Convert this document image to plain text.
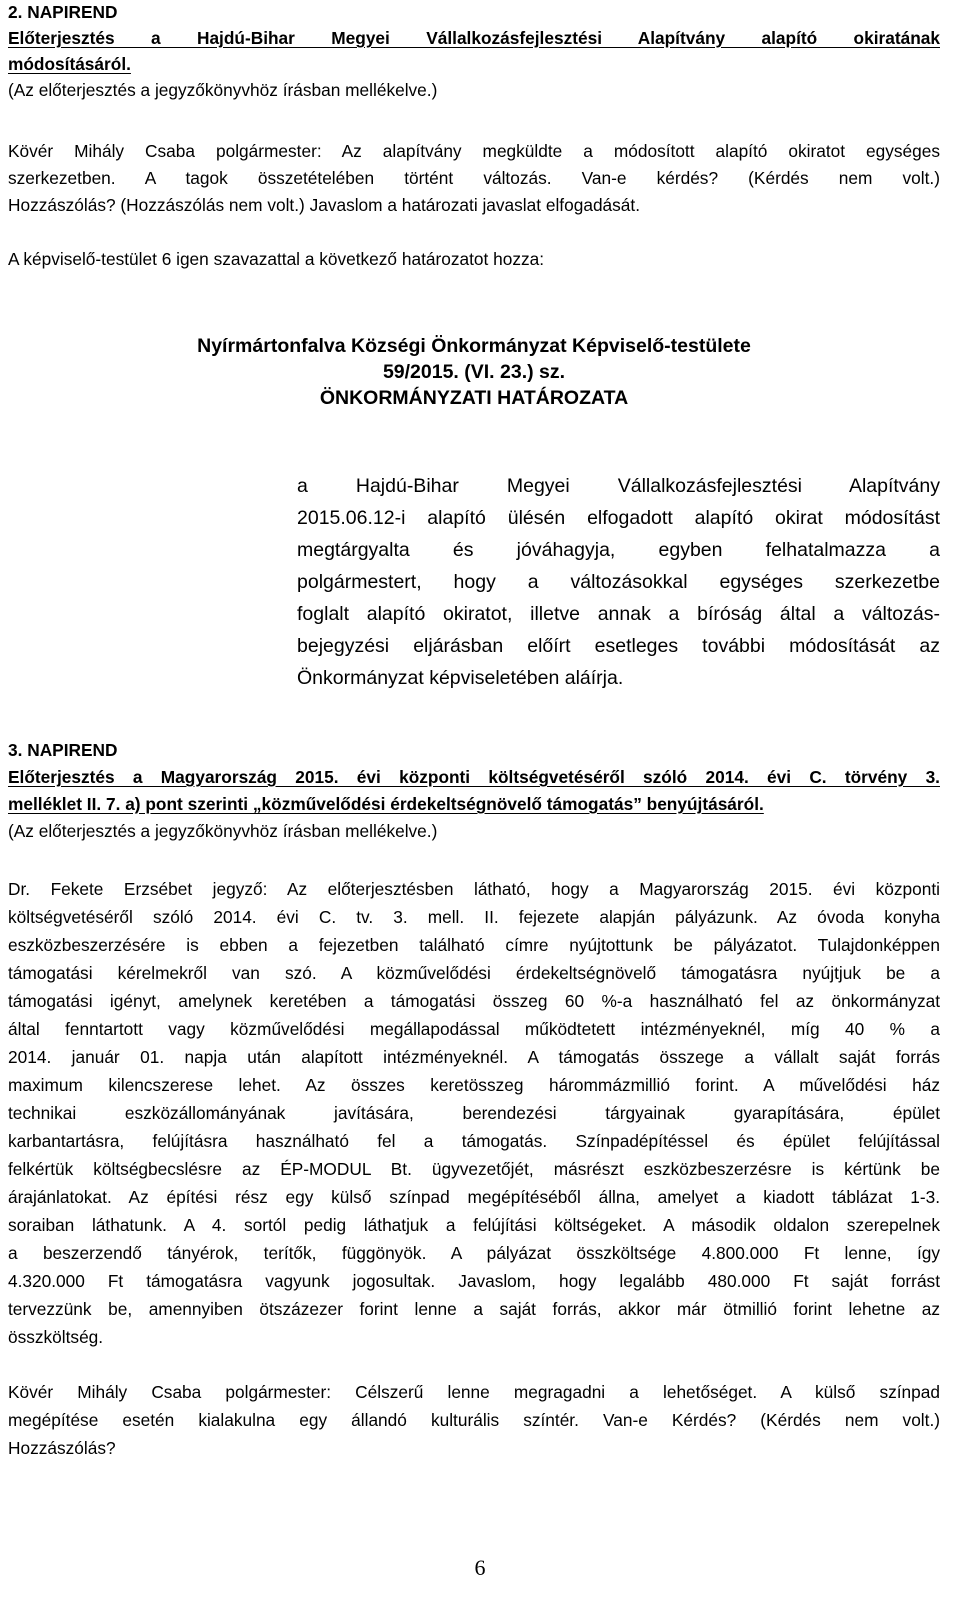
2. NAPIREND
Előterjesztés a Hajdú-Bihar Megyei Vállalkozásfejlesztési Alapítvány alapító okiratának
módosításáról.
(Az előterjesztés a jegyzőkönyvhöz írásban mellékelve.)
Kövér Mihály Csaba polgármester: Az alapítvány megküldte a módosított alapító okiratot egységes
szerkezetben. A tagok összetételében történt változás. Van-e kérdés? (Kérdés nem volt.)
Hozzászólás? (Hozzászólás nem volt.) Javaslom a határozati javaslat elfogadását.
A képviselő-testület 6 igen szavazattal a következő határozatot hozza:
Nyírmártonfalva Községi Önkormányzat Képviselő-testülete
59/2015. (VI. 23.) sz.
ÖNKORMÁNYZATI HATÁROZATA
a Hajdú-Bihar Megyei Vállalkozásfejlesztési Alapítvány
2015.06.12-i alapító ülésén elfogadott alapító okirat módosítást
megtárgyalta és jóváhagyja, egyben felhatalmazza a
polgármestert, hogy a változásokkal egységes szerkezetbe
foglalt alapító okiratot, illetve annak a bíróság által a változás-
bejegyzési eljárásban előírt esetleges további módosítását az
Önkormányzat képviseletében aláírja.
3. NAPIREND
Előterjesztés a Magyarország 2015. évi központi költségvetéséről szóló 2014. évi C. törvény 3.
melléklet II. 7. a) pont szerinti „közművelődési érdekeltségnövelő támogatás” benyújtásáról.
(Az előterjesztés a jegyzőkönyvhöz írásban mellékelve.)
Dr. Fekete Erzsébet jegyző: Az előterjesztésben látható, hogy a Magyarország 2015. évi központi
költségvetéséről szóló 2014. évi C. tv. 3. mell. II. fejezete alapján pályázunk. Az óvoda konyha
eszközbeszerzésére is ebben a fejezetben található címre nyújtottunk be pályázatot. Tulajdonképpen
támogatási kérelmekről van szó. A közművelődési érdekeltségnövelő támogatásra nyújtjuk be a
támogatási igényt, amelynek keretében a támogatási összeg 60 %-a használható fel az önkormányzat
által fenntartott vagy közművelődési megállapodással működtetett intézményeknél, míg 40 % a
2014. január 01. napja után alapított intézményeknél. A támogatás összege a vállalt saját forrás
maximum kilencszerese lehet. Az összes keretösszeg hárommázmillió forint. A művelődési ház
technikai eszközállományának javítására, berendezési tárgyainak gyarapítására, épület
karbantartásra, felújításra használható fel a támogatás. Színpadépítéssel és épület felújítással
felkértük költségbecslésre az ÉP-MODUL Bt. ügyvezetőjét, másrészt eszközbeszerzésre is kértünk be
árajánlatokat. Az építési rész egy külső színpad megépítéséből állna, amelyet a kiadott táblázat 1-3.
soraiban láthatunk. A 4. sortól pedig láthatjuk a felújítási költségeket. A második oldalon szerepelnek
a beszerzendő tányérok, terítők, függönyök. A pályázat összköltsége 4.800.000 Ft lenne, így
4.320.000 Ft támogatásra vagyunk jogosultak. Javaslom, hogy legalább 480.000 Ft saját forrást
tervezzünk be, amennyiben ötszázezer forint lenne a saját forrás, akkor már ötmillió forint lehetne az
összköltség.
Kövér Mihály Csaba polgármester: Célszerű lenne megragadni a lehetőséget. A külső színpad
megépítése esetén kialakulna egy állandó kulturális színtér. Van-e Kérdés? (Kérdés nem volt.)
Hozzászólás?
6
